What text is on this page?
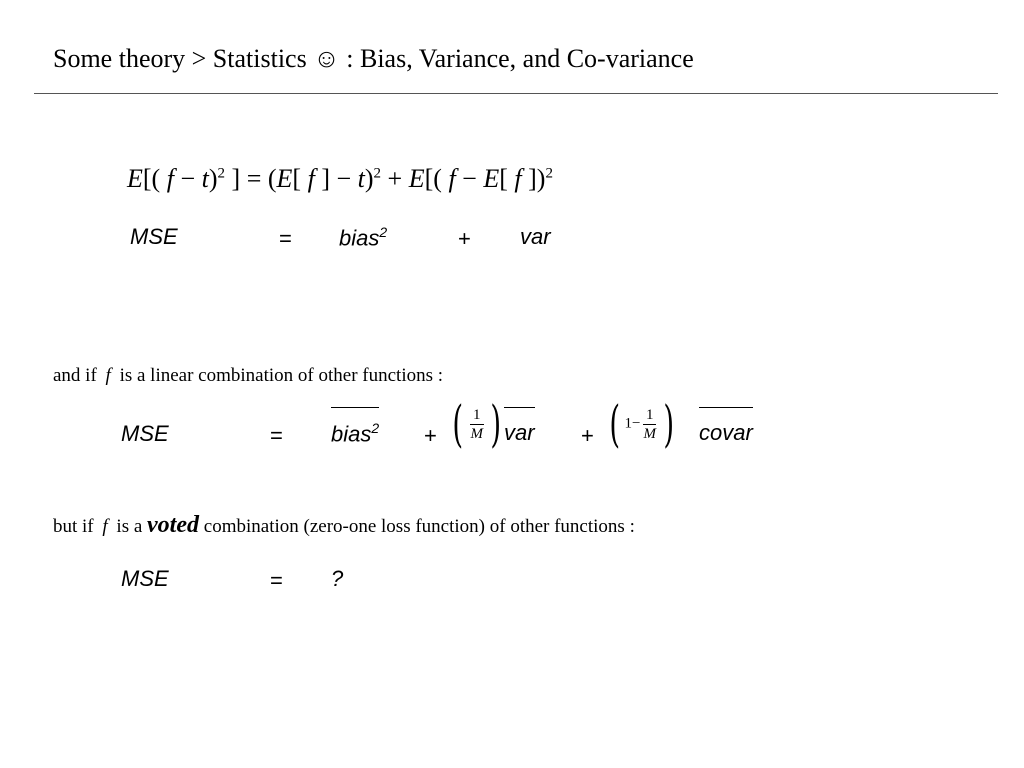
Some theory > Statistics ☺ : Bias, Variance, and Co-variance
E[( f − t)$^2$ ] = (E[ f ] − t)$^2$ + E[( f − E[ f ])$^2$
MSE	= bias$^2$	+ var
and if f is a linear combination of other functions :
MSE	= bias$^2$ + ( $\frac{1}{M}$ ) var + ( $1- \frac{1}{M}$ ) covar
but if f is a voted combination (zero-one loss function) of other functions :
MSE	= ?
